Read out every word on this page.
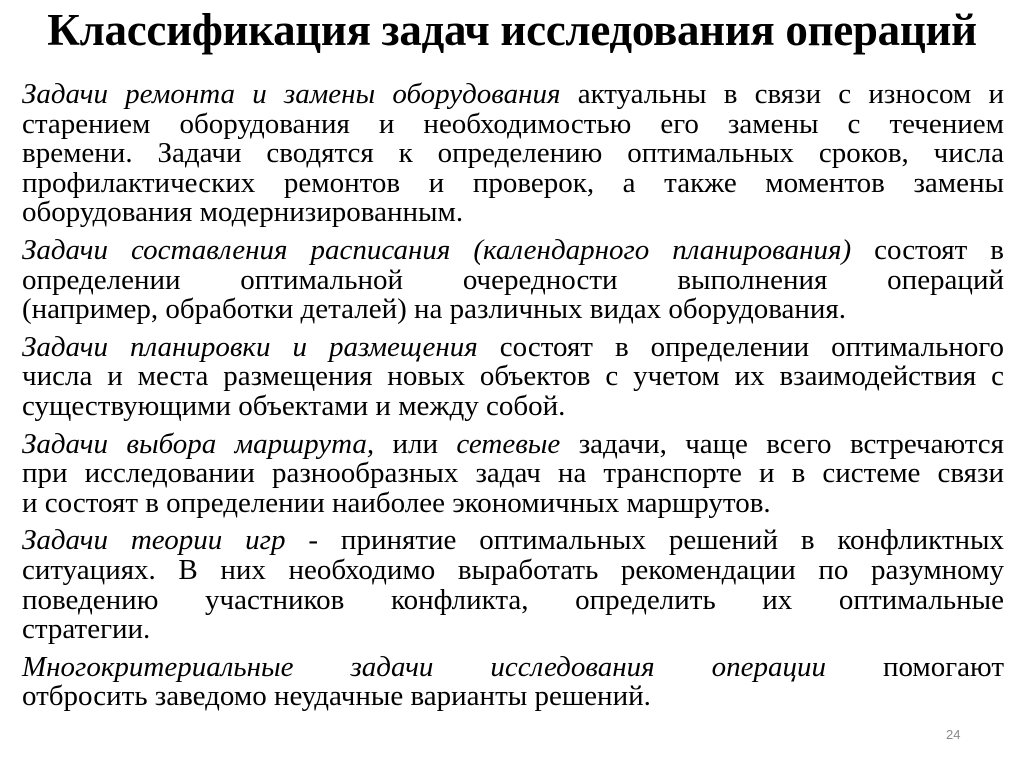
Классификация задач исследования операций
Задачи ремонта и замены оборудования актуальны в связи с износом и
старением оборудования и необходимостью его замены с течением
времени. Задачи сводятся к определению оптимальных сроков, числа
профилактических ремонтов и проверок, а также моментов замены
оборудования модернизированным.
Задачи составления расписания (календарного планирования) состоят в
определении оптимальной очередности выполнения операций
(например, обработки деталей) на различных видах оборудования.
Задачи планировки и размещения состоят в определении оптимального
числа и места размещения новых объектов с учетом их взаимодействия с
существующими объектами и между собой.
Задачи выбора маршрута, или сетевые задачи, чаще всего встречаются
при исследовании разнообразных задач на транспорте и в системе связи
и состоят в определении наиболее экономичных маршрутов.
Задачи теории игр - принятие оптимальных решений в конфликтных
ситуациях. В них необходимо выработать рекомендации по разумному
поведению участников конфликта, определить их оптимальные
стратегии.
Многокритериальные задачи исследования операции помогают
отбросить заведомо неудачные варианты решений.
24
